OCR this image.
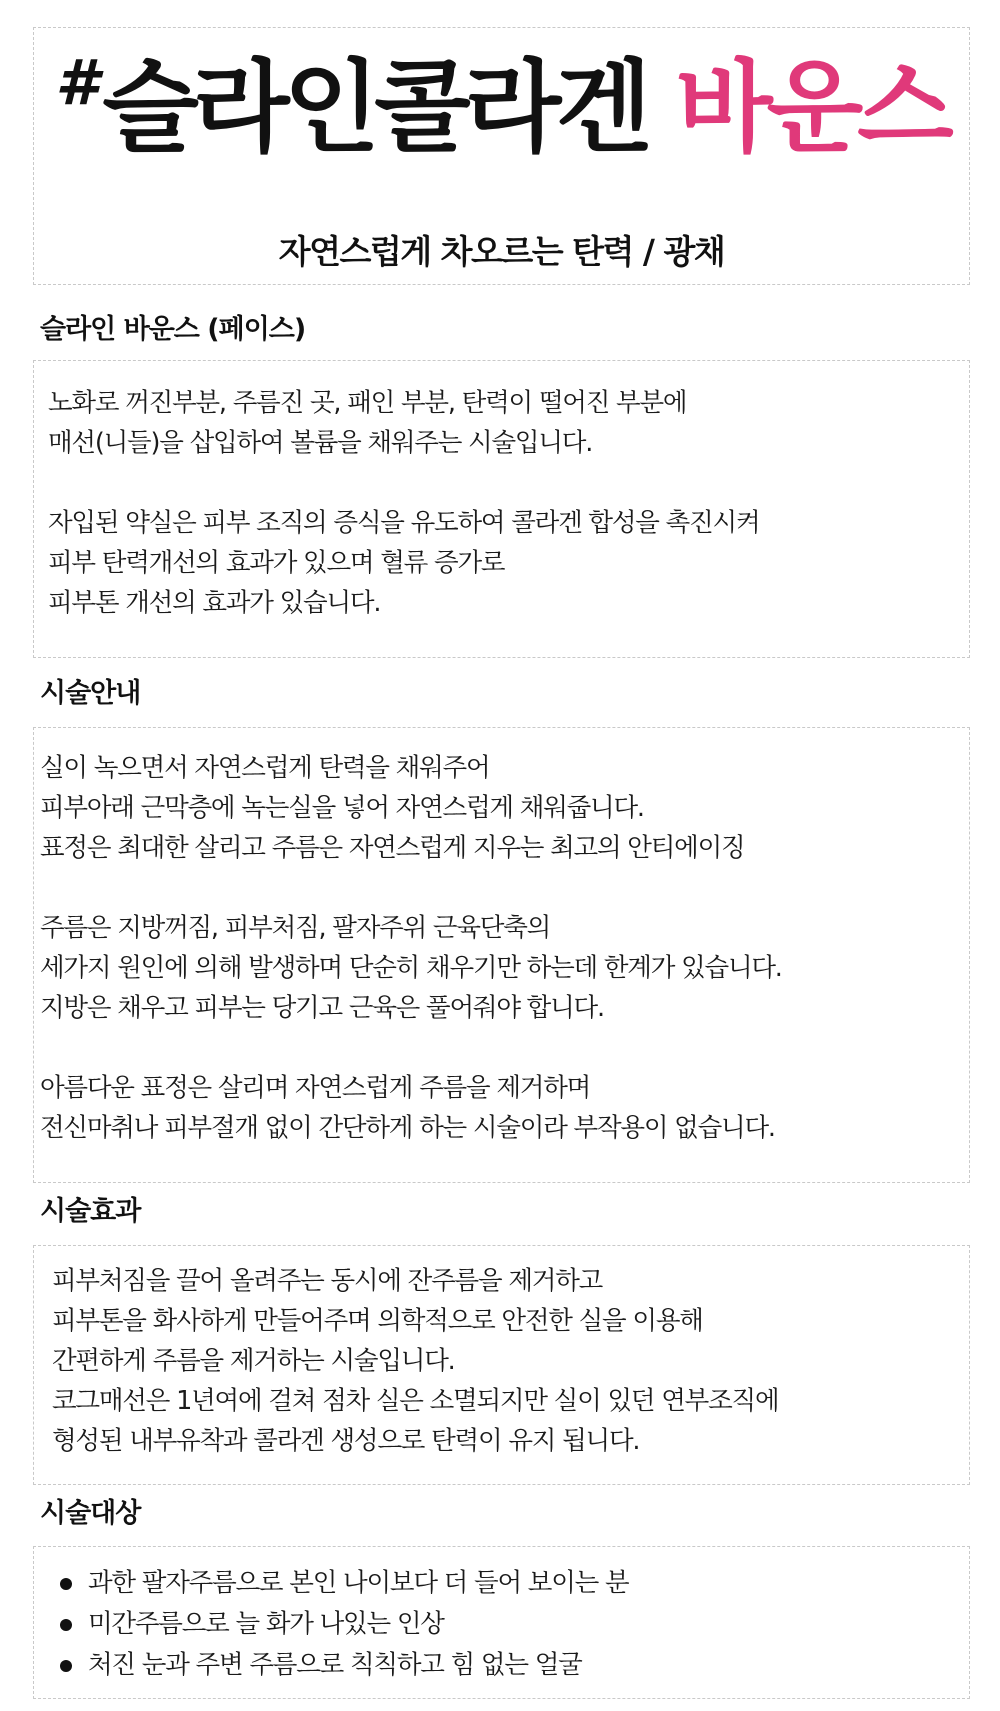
#슬라인콜라겐 바운스
자연스럽게 차오르는 탄력 / 광채
슬라인 바운스 (페이스)
노화로 꺼진부분, 주름진 곳, 패인 부분, 탄력이 떨어진 부분에
매선(니들)을 삽입하여 볼륨을 채워주는 시술입니다.
자입된 약실은 피부 조직의 증식을 유도하여 콜라겐 합성을 촉진시켜
피부 탄력개선의 효과가 있으며 혈류 증가로
피부톤 개선의 효과가 있습니다.
시술안내
실이 녹으면서 자연스럽게 탄력을 채워주어
피부아래 근막층에 녹는실을 넣어 자연스럽게 채워줍니다.
표정은 최대한 살리고 주름은 자연스럽게 지우는 최고의 안티에이징
주름은 지방꺼짐, 피부처짐, 팔자주위 근육단축의
세가지 원인에 의해 발생하며 단순히 채우기만 하는데 한계가 있습니다.
지방은 채우고 피부는 당기고 근육은 풀어줘야 합니다.
아름다운 표정은 살리며 자연스럽게 주름을 제거하며
전신마취나 피부절개 없이 간단하게 하는 시술이라 부작용이 없습니다.
시술효과
피부처짐을 끌어 올려주는 동시에 잔주름을 제거하고
피부톤을 화사하게 만들어주며 의학적으로 안전한 실을 이용해
간편하게 주름을 제거하는 시술입니다.
코그매선은 1년여에 걸쳐 점차 실은 소멸되지만 실이 있던 연부조직에
형성된 내부유착과 콜라겐 생성으로 탄력이 유지 됩니다.
시술대상
과한 팔자주름으로 본인 나이보다 더 들어 보이는 분
미간주름으로 늘 화가 나있는 인상
처진 눈과 주변 주름으로 칙칙하고 힘 없는 얼굴
